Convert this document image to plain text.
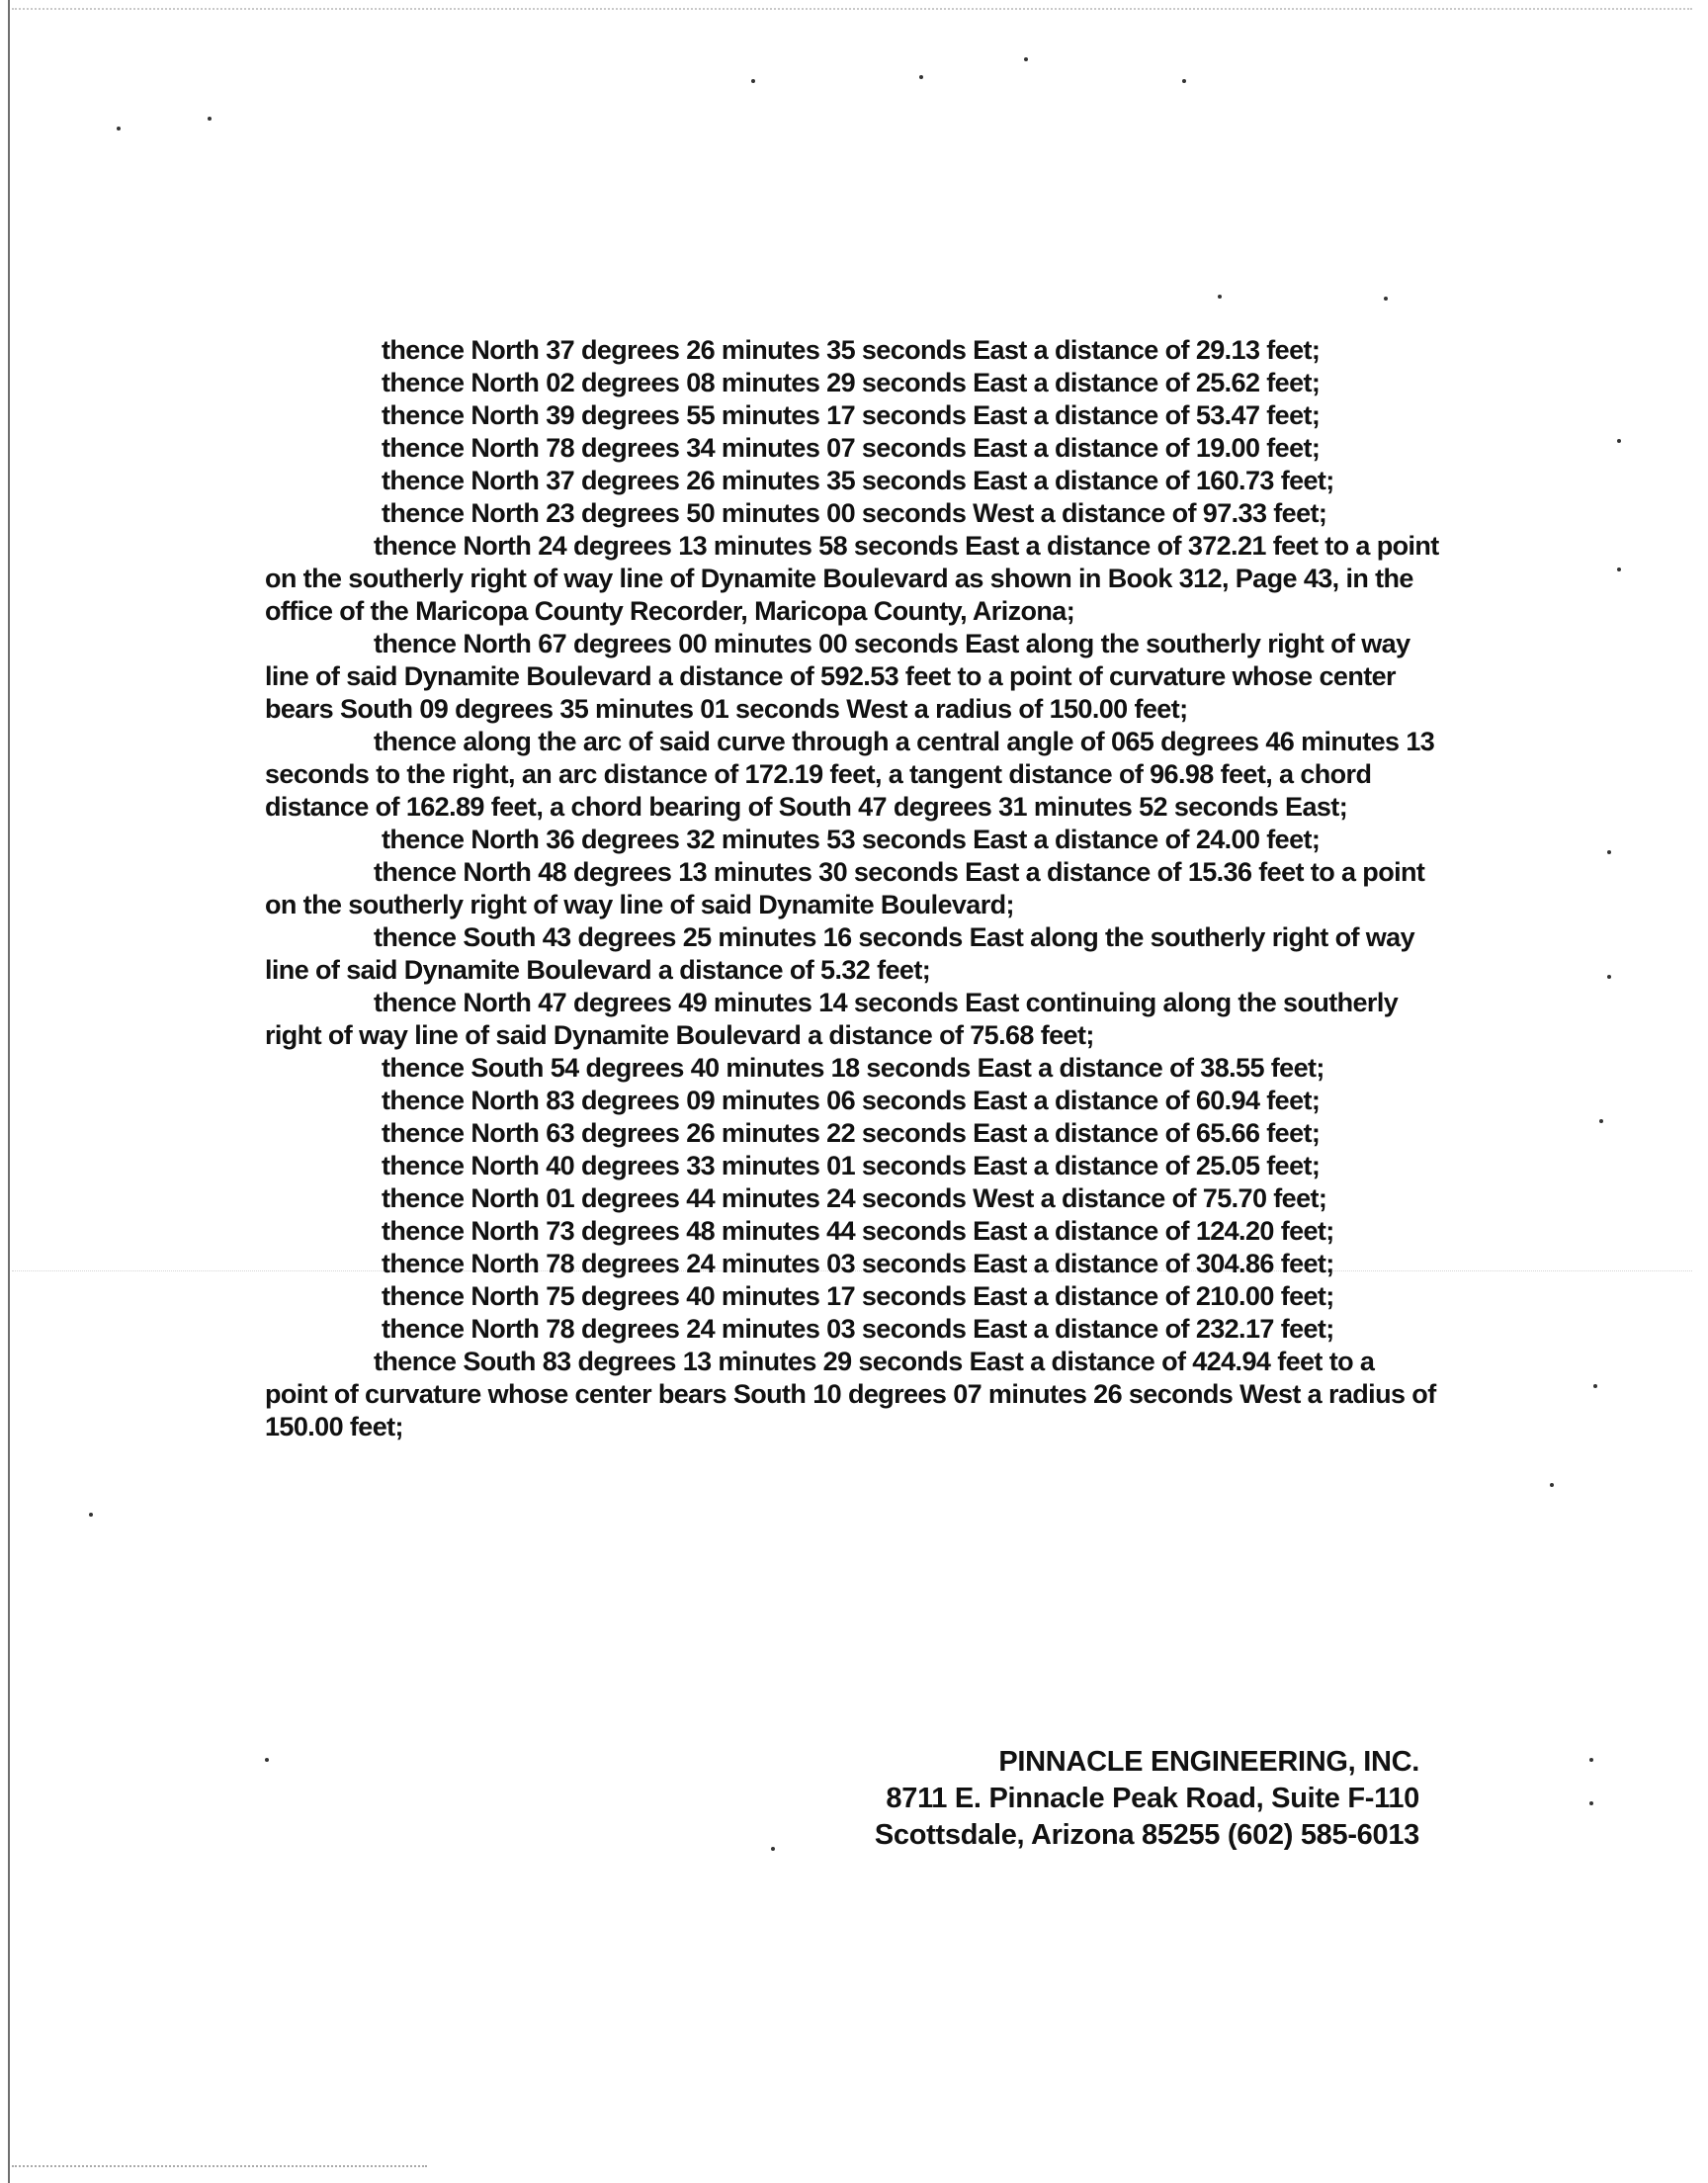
thence North 37 degrees 26 minutes 35 seconds East a distance of 29.13 feet;
thence North 02 degrees 08 minutes 29 seconds East a distance of 25.62 feet;
thence North 39 degrees 55 minutes 17 seconds East a distance of 53.47 feet;
thence North 78 degrees 34 minutes 07 seconds East a distance of 19.00 feet;
thence North 37 degrees 26 minutes 35 seconds East a distance of 160.73 feet;
thence North 23 degrees 50 minutes 00 seconds West a distance of 97.33 feet;

thence North 24 degrees 13 minutes 58 seconds East a distance of 372.21 feet to a point on the southerly right of way line of Dynamite Boulevard as shown in Book 312, Page 43, in the office of the Maricopa County Recorder, Maricopa County, Arizona;

thence North 67 degrees 00 minutes 00 seconds East along the southerly right of way line of said Dynamite Boulevard a distance of 592.53 feet to a point of curvature whose center bears South 09 degrees 35 minutes 01 seconds West a radius of 150.00 feet;

thence along the arc of said curve through a central angle of 065 degrees 46 minutes 13 seconds to the right, an arc distance of 172.19 feet, a tangent distance of 96.98 feet, a chord distance of 162.89 feet, a chord bearing of South 47 degrees 31 minutes 52 seconds East;

thence North 36 degrees 32 minutes 53 seconds East a distance of 24.00 feet;

thence North 48 degrees 13 minutes 30 seconds East a distance of 15.36 feet to a point on the southerly right of way line of said Dynamite Boulevard;

thence South 43 degrees 25 minutes 16 seconds East along the southerly right of way line of said Dynamite Boulevard a distance of 5.32 feet;

thence North 47 degrees 49 minutes 14 seconds East continuing along the southerly right of way line of said Dynamite Boulevard a distance of 75.68 feet;

thence South 54 degrees 40 minutes 18 seconds East a distance of 38.55 feet;
thence North 83 degrees 09 minutes 06 seconds East a distance of 60.94 feet;
thence North 63 degrees 26 minutes 22 seconds East a distance of 65.66 feet;
thence North 40 degrees 33 minutes 01 seconds East a distance of 25.05 feet;
thence North 01 degrees 44 minutes 24 seconds West a distance of 75.70 feet;
thence North 73 degrees 48 minutes 44 seconds East a distance of 124.20 feet;
thence North 78 degrees 24 minutes 03 seconds East a distance of 304.86 feet;
thence North 75 degrees 40 minutes 17 seconds East a distance of 210.00 feet;
thence North 78 degrees 24 minutes 03 seconds East a distance of 232.17 feet;

thence South 83 degrees 13 minutes 29 seconds East a distance of 424.94 feet to a point of curvature whose center bears South 10 degrees 07 minutes 26 seconds West a radius of 150.00 feet;

PINNACLE ENGINEERING, INC.
8711 E. Pinnacle Peak Road, Suite F-110
Scottsdale, Arizona 85255 (602) 585-6013
